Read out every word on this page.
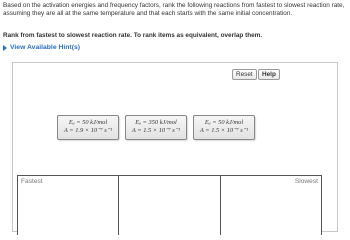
Based on the activation energies and frequency factors, rank the following reactions from fastest to slowest reaction rate, assuming they are all at the same temperature and that each starts with the same initial concentration.

Rank from fastest to slowest reaction rate. To rank items as equivalent, overlap them.

View Available Hint(s)
Reset	Help
Eₐ = 50 kJ/mol
A = 1.9 × 10⁻⁷ s⁻¹
Eₐ = 350 kJ/mol
A = 1.5 × 10⁻⁷ s⁻¹
Eₐ = 50 kJ/mol
A = 1.5 × 10⁻⁷ s⁻¹
Fastest	Slowest
